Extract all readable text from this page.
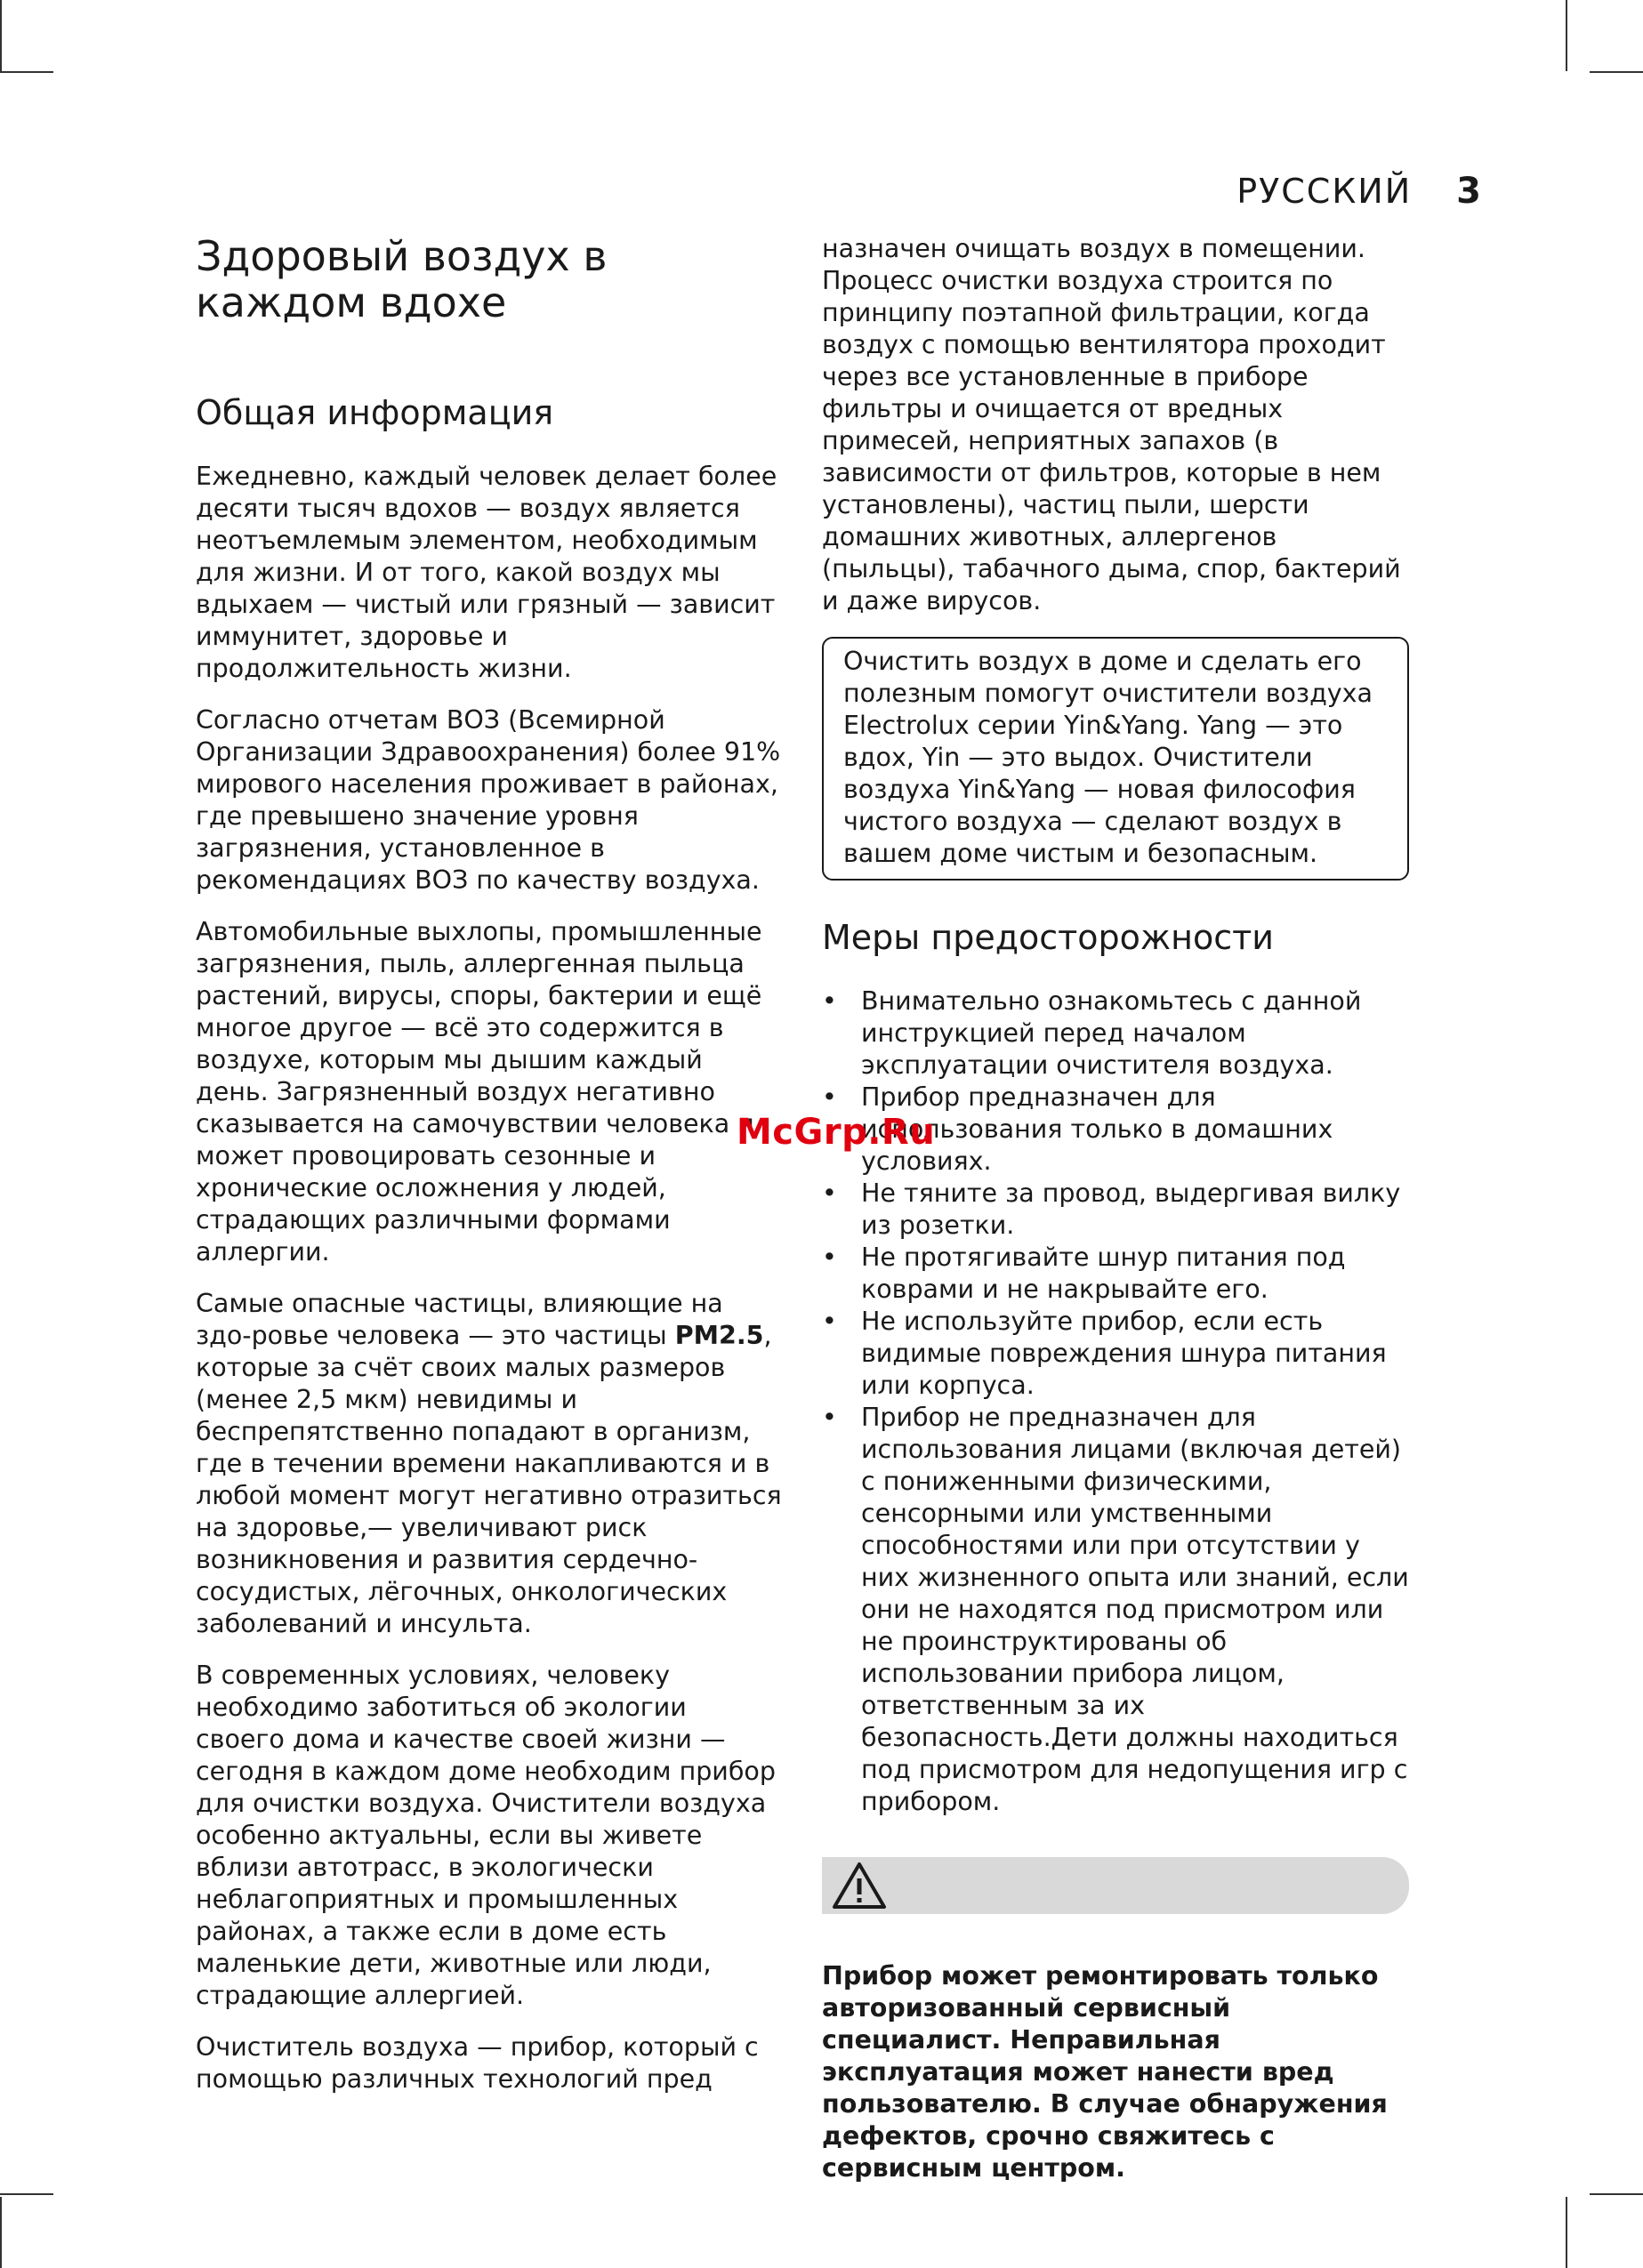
РУССКИЙ 3
Здоровый воздух в каждом вдохе
Общая информация

Ежедневно, каждый человек делает более десяти тысяч вдохов — воздух является неотъемлемым элементом, необходимым для жизни. И от того, какой воздух мы вдыхаем — чистый или грязный — зависит иммунитет, здоровье и продолжительность жизни.

Согласно отчетам ВОЗ (Всемирной Организации Здравоохранения) более 91% мирового населения проживает в районах, где превышено значение уровня загрязнения, установленное в рекомендациях ВОЗ по качеству воздуха.

Автомобильные выхлопы, промышленные загрязнения, пыль, аллергенная пыльца растений, вирусы, споры, бактерии и ещё многое другое — всё это содержится в воздухе, которым мы дышим каждый день. Загрязненный воздух негативно сказывается на самочувствии человека и может провоцировать сезонные и хронические осложнения у людей, страдающих различными формами аллергии.

Самые опасные частицы, влияющие на здо-ровье человека — это частицы PM2.5, которые за счёт своих малых размеров (менее 2,5 мкм) невидимы и беспрепятственно попадают в организм, где в течении времени накапливаются и в любой момент могут негативно отразиться на здоровье,— увеличивают риск возникновения и развития сердечно-сосудистых, лёгочных, онкологических заболеваний и инсульта.

В современных условиях, человеку необходимо заботиться об экологии своего дома и качестве своей жизни — сегодня в каждом доме необходим прибор для очистки воздуха. Очистители воздуха особенно актуальны, если вы живете вблизи автотрасс, в экологически неблагоприятных и промышленных районах, а также если в доме есть маленькие дети, животные или люди, страдающие аллергией.

Очиститель воздуха — прибор, который с помощью различных технологий пред

назначен очищать воздух в помещении. Процесс очистки воздуха строится по принципу поэтапной фильтрации, когда воздух с помощью вентилятора проходит через все установленные в приборе фильтры и очищается от вредных примесей, неприятных запахов (в зависимости от фильтров, которые в нем установлены), частиц пыли, шерсти домашних животных, аллергенов (пыльцы), табачного дыма, спор, бактерий и даже вирусов.

Очистить воздух в доме и сделать его полезным помогут очистители воздуха Electrolux серии Yin&Yang. Yang — это вдох, Yin — это выдох. Очистители воздуха Yin&Yang — новая философия чистого воздуха — сделают воздух в вашем доме чистым и безопасным.
Меры предосторожности
• Внимательно ознакомьтесь с данной инструкцией перед началом эксплуатации очистителя воздуха.
• Прибор предназначен для использования только в домашних условиях.
• Не тяните за провод, выдергивая вилку из розетки.
• Не протягивайте шнур питания под коврами и не накрывайте его.
• Не используйте прибор, если есть видимые повреждения шнура питания или корпуса.
• Прибор не предназначен для использования лицами (включая детей) с пониженными физическими, сенсорными или умственными способностями или при отсутствии у них жизненного опыта или знаний, если они не находятся под присмотром или не проинструктированы об использовании прибора лицом, ответственным за их безопасность.Дети должны находиться под присмотром для недопущения игр с прибором.

Прибор может ремонтировать только авторизованный сервисный специалист. Неправильная эксплуатация может нанести вред пользователю. В случае обнаружения дефектов, срочно свяжитесь с сервисным центром.

McGrp.Ru
